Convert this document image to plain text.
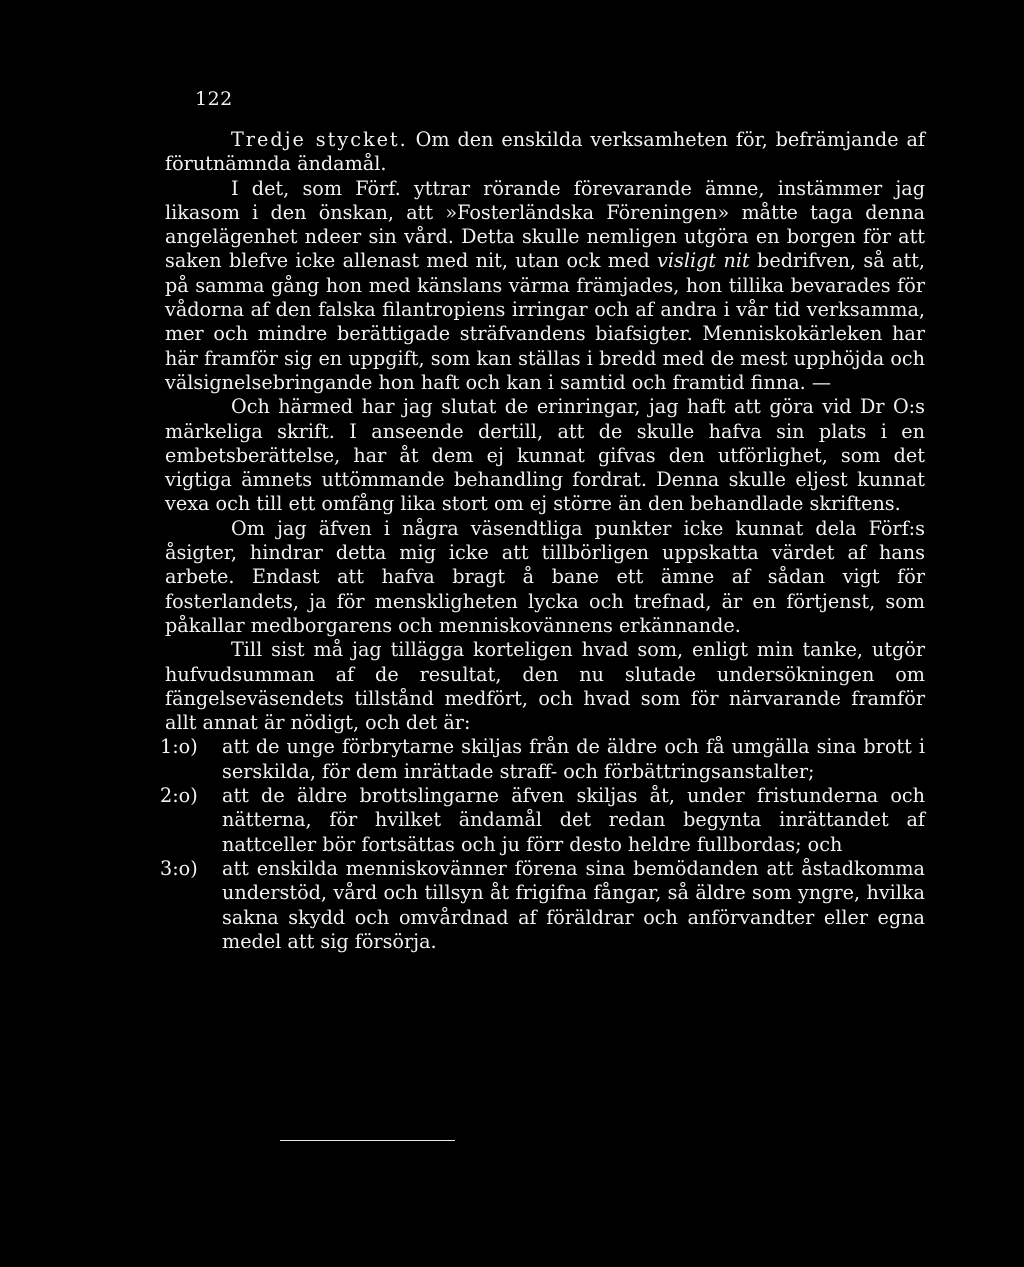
122

Tredje stycket. Om den enskilda verksamheten för, befrämjande af förutnämnda ändamål.

I det, som Förf. yttrar rörande förevarande ämne, instämmer jag likasom i den önskan, att »Fosterländska Föreningen» måtte taga denna angelägenhet ndeer sin vård. Detta skulle nemligen utgöra en borgen för att saken blefve icke allenast med nit, utan ock med visligt nit bedrifven, så att, på samma gång hon med känslans värma främjades, hon tillika bevarades för vådorna af den falska filantropiens irringar och af andra i vår tid verksamma, mer och mindre berättigade sträfvandens biafsigter. Menniskokärleken har här framför sig en uppgift, som kan ställas i bredd med de mest upphöjda och välsignelsebringande hon haft och kan i samtid och framtid finna. —

Och härmed har jag slutat de erinringar, jag haft att göra vid Dr O:s märkeliga skrift. I anseende dertill, att de skulle hafva sin plats i en embetsberättelse, har åt dem ej kunnat gifvas den utförlighet, som det vigtiga ämnets uttömmande behandling fordrat. Denna skulle eljest kunnat vexa och till ett omfång lika stort om ej större än den behandlade skriftens.

Om jag äfven i några väsendtliga punkter icke kunnat dela Förf:s åsigter, hindrar detta mig icke att tillbörligen uppskatta värdet af hans arbete. Endast att hafva bragt å bane ett ämne af sådan vigt för fosterlandets, ja för menskligheten lycka och trefnad, är en förtjenst, som påkallar medborgarens och menniskovännens erkännande.

Till sist må jag tillägga korteligen hvad som, enligt min tanke, utgör hufvudsumman af de resultat, den nu slutade undersökningen om fängelseväsendets tillstånd medfört, och hvad som för närvarande framför allt annat är nödigt, och det är:

1:o)	att de unge förbrytarne skiljas från de äldre och få umgälla sina brott i serskilda, för dem inrättade straff- och förbättringsanstalter;
2:o)	att de äldre brottslingarne äfven skiljas åt, under fristunderna och nätterna, för hvilket ändamål det redan begynta inrättandet af nattceller bör fortsättas och ju förr desto heldre fullbordas; och
3:o)	att enskilda menniskovänner förena sina bemödanden att åstadkomma understöd, vård och tillsyn åt frigifna fångar, så äldre som yngre, hvilka sakna skydd och omvårdnad af föräldrar och anförvandter eller egna medel att sig försörja.
